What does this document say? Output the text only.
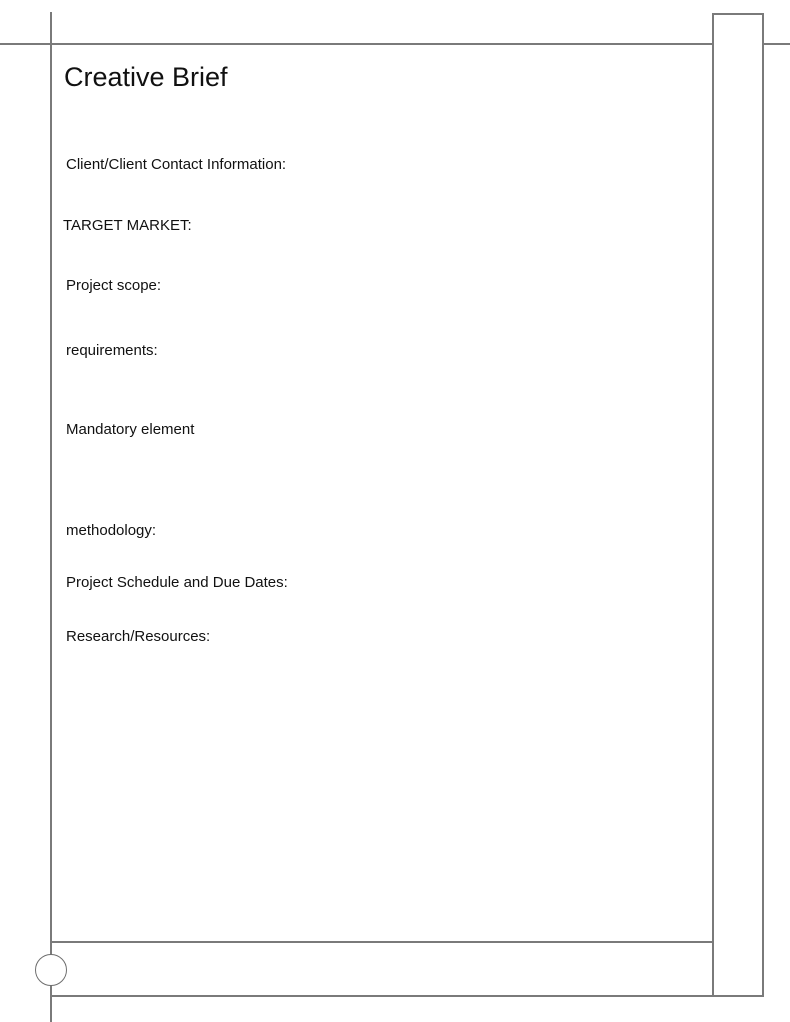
Creative Brief
Client/Client Contact Information:
TARGET MARKET:
Project scope:
requirements:
Mandatory element
methodology:
Project Schedule and Due Dates:
Research/Resources:
